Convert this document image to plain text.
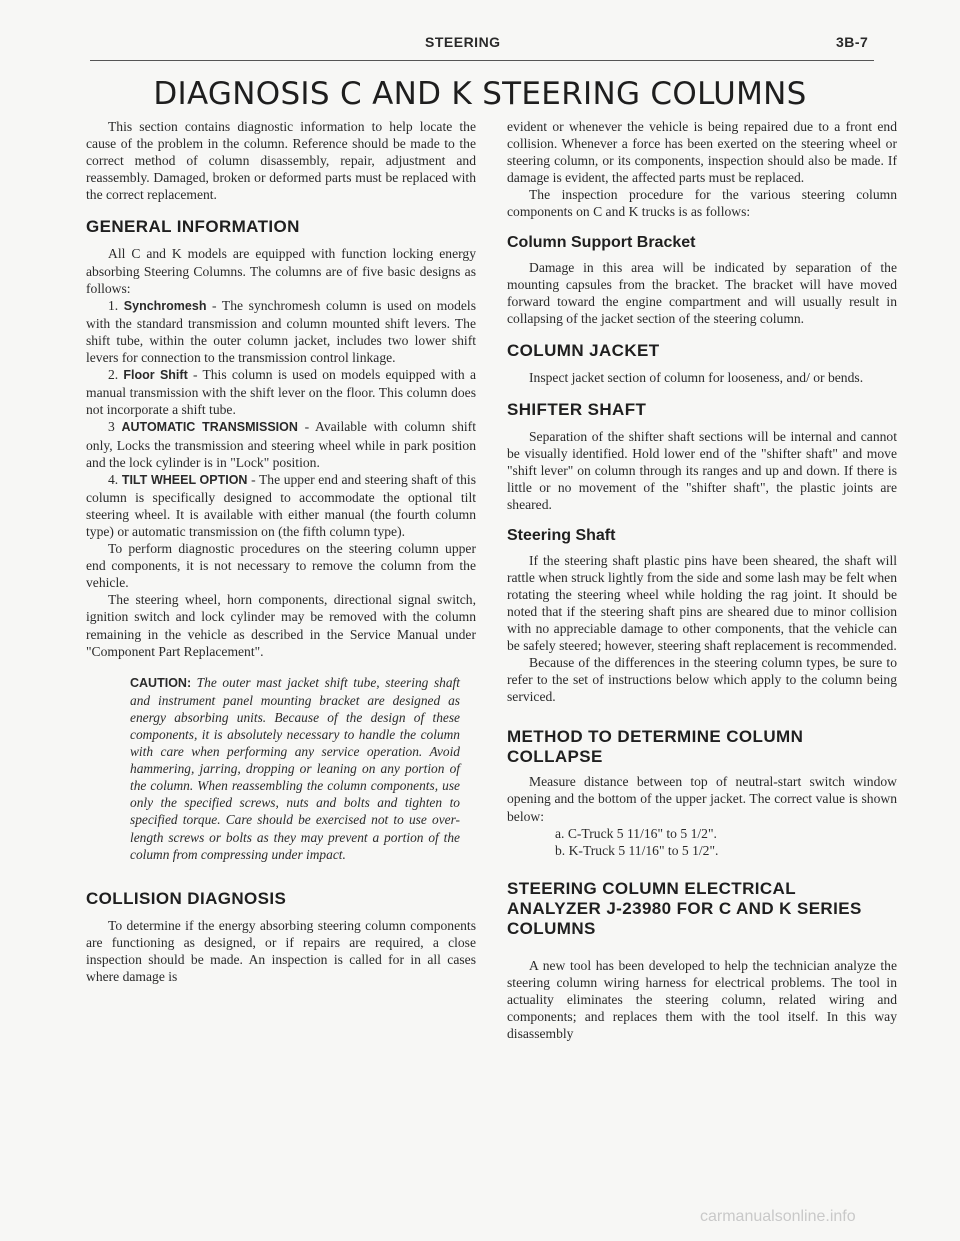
STEERING	3B-7
DIAGNOSIS C AND K STEERING COLUMNS

This section contains diagnostic information to help locate the cause of the problem in the column. Reference should be made to the correct method of column disassembly, repair, adjustment and reassembly. Damaged, broken or deformed parts must be replaced with the correct replacement.

GENERAL INFORMATION

All C and K models are equipped with function locking energy absorbing Steering Columns. The columns are of five basic designs as follows:

1. Synchromesh - The synchromesh column is used on models with the standard transmission and column mounted shift levers. The shift tube, within the outer column jacket, includes two lower shift levers for connection to the transmission control linkage.

2. Floor Shift - This column is used on models equipped with a manual transmission with the shift lever on the floor. This column does not incorporate a shift tube.

3 AUTOMATIC TRANSMISSION - Available with column shift only, Locks the transmission and steering wheel while in park position and the lock cylinder is in "Lock" position.

4. TILT WHEEL OPTION - The upper end and steering shaft of this column is specifically designed to accommodate the optional tilt steering wheel. It is available with either manual (the fourth column type) or automatic transmission on (the fifth column type).

To perform diagnostic procedures on the steering column upper end components, it is not necessary to remove the column from the vehicle.

The steering wheel, horn components, directional signal switch, ignition switch and lock cylinder may be removed with the column remaining in the vehicle as described in the Service Manual under "Component Part Replacement".

CAUTION: The outer mast jacket shift tube, steering shaft and instrument panel mounting bracket are designed as energy absorbing units. Because of the design of these components, it is absolutely necessary to handle the column with care when performing any service operation. Avoid hammering, jarring, dropping or leaning on any portion of the column. When reassembling the column components, use only the specified screws, nuts and bolts and tighten to specified torque. Care should be exercised not to use over-length screws or bolts as they may prevent a portion of the column from compressing under impact.
COLLISION DIAGNOSIS

To determine if the energy absorbing steering column components are functioning as designed, or if repairs are required, a close inspection should be made. An inspection is called for in all cases where damage is

evident or whenever the vehicle is being repaired due to a front end collision. Whenever a force has been exerted on the steering wheel or steering column, or its components, inspection should also be made. If damage is evident, the affected parts must be replaced.

The inspection procedure for the various steering column components on C and K trucks is as follows:

Column Support Bracket

Damage in this area will be indicated by separation of the mounting capsules from the bracket. The bracket will have moved forward toward the engine compartment and will usually result in collapsing of the jacket section of the steering column.

COLUMN JACKET

Inspect jacket section of column for looseness, and/ or bends.

SHIFTER SHAFT

Separation of the shifter shaft sections will be internal and cannot be visually identified. Hold lower end of the "shifter shaft" and move "shift lever" on column through its ranges and up and down. If there is little or no movement of the "shifter shaft", the plastic joints are sheared.

Steering Shaft

If the steering shaft plastic pins have been sheared, the shaft will rattle when struck lightly from the side and some lash may be felt when rotating the steering wheel while holding the rag joint. It should be noted that if the steering shaft pins are sheared due to minor collision with no appreciable damage to other components, that the vehicle can be safely steered; however, steering shaft replacement is recommended.

Because of the differences in the steering column types, be sure to refer to the set of instructions below which apply to the column being serviced.

METHOD TO DETERMINE COLUMN
COLLAPSE

Measure distance between top of neutral-start switch window opening and the bottom of the upper jacket. The correct value is shown below:

a. C-Truck 5 11/16" to 5 1/2".
b. K-Truck 5 11/16" to 5 1/2".
STEERING COLUMN ELECTRICAL
ANALYZER J-23980 FOR C AND K SERIES
COLUMNS

A new tool has been developed to help the technician analyze the steering column wiring harness for electrical problems. The tool in actuality eliminates the steering column, related wiring and components; and replaces them with the tool itself. In this way disassembly

carmanualsonline.info
